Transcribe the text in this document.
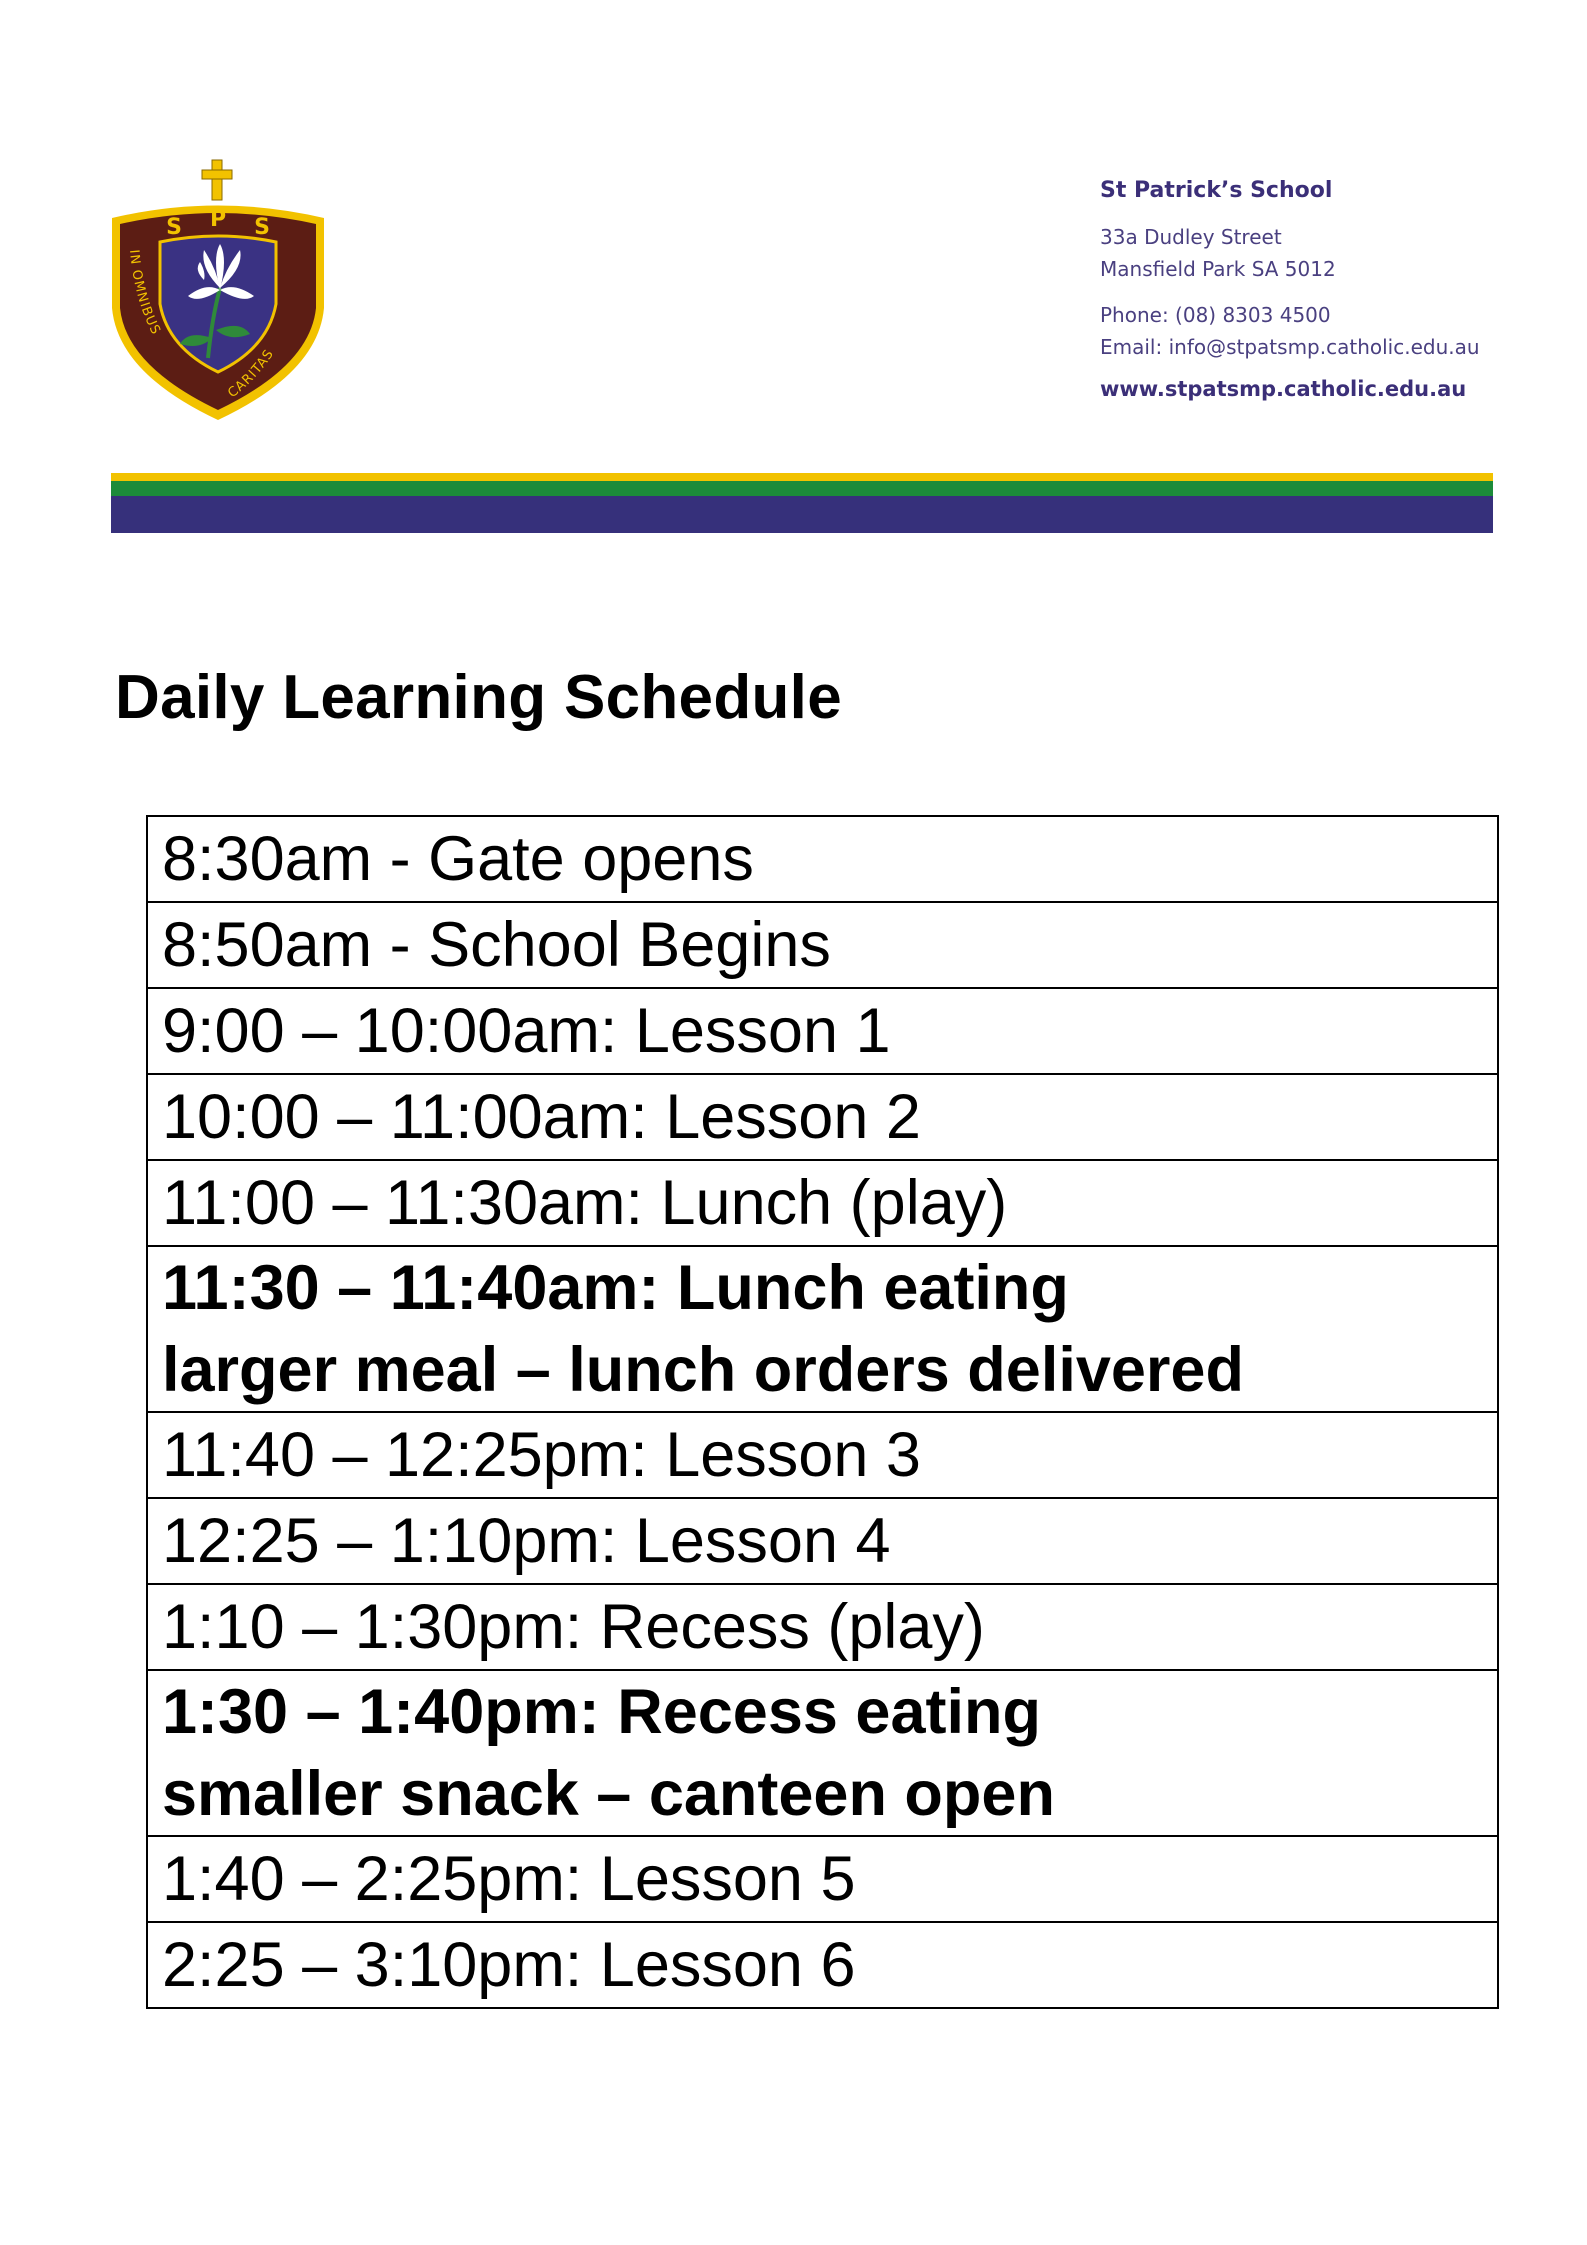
S P S
IN OMNIBUS
CARITAS
St Patrick’s School
33a Dudley Street
Mansfield Park SA 5012
Phone: (08) 8303 4500
Email: info@stpatsmp.catholic.edu.au
www.stpatsmp.catholic.edu.au
Daily Learning Schedule
8:30am - Gate opens
8:50am - School Begins
9:00 – 10:00am: Lesson 1
10:00 – 11:00am: Lesson 2
11:00 – 11:30am: Lunch (play)

11:30 – 11:40am: Lunch eating
larger meal – lunch orders delivered

11:40 – 12:25pm: Lesson 3
12:25 – 1:10pm: Lesson 4
1:10 – 1:30pm: Recess (play)

1:30 – 1:40pm: Recess eating
smaller snack – canteen open

1:40 – 2:25pm: Lesson 5
2:25 – 3:10pm: Lesson 6
